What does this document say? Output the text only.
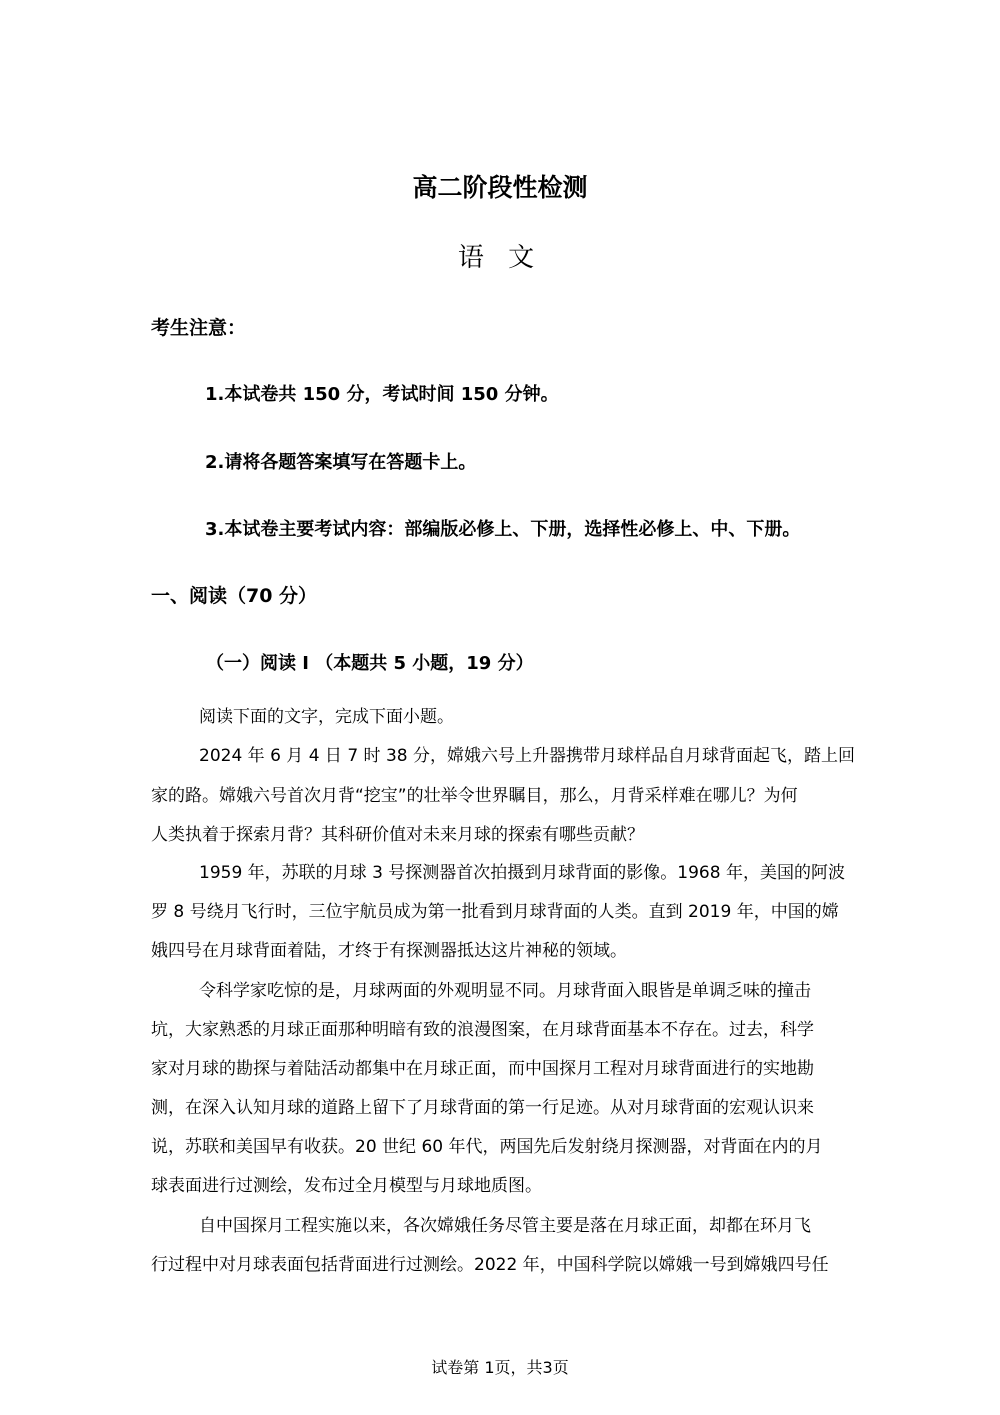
高二阶段性检测
语 文
考生注意：
1.本试卷共 150 分，考试时间 150 分钟。
2.请将各题答案填写在答题卡上。
3.本试卷主要考试内容：部编版必修上、下册，选择性必修上、中、下册。
一、阅读（70 分）
（一）阅读 I （本题共 5 小题，19 分）
阅读下面的文字，完成下面小题。
2024 年 6 月 4 日 7 时 38 分，嫦娥六号上升器携带月球样品自月球背面起飞，踏上回
家的路。嫦娥六号首次月背“挖宝”的壮举令世界瞩目，那么，月背采样难在哪儿？为何
人类执着于探索月背？其科研价值对未来月球的探索有哪些贡献？
1959 年，苏联的月球 3 号探测器首次拍摄到月球背面的影像。1968 年，美国的阿波
罗 8 号绕月飞行时，三位宇航员成为第一批看到月球背面的人类。直到 2019 年，中国的嫦
娥四号在月球背面着陆，才终于有探测器抵达这片神秘的领域。
令科学家吃惊的是，月球两面的外观明显不同。月球背面入眼皆是单调乏味的撞击
坑，大家熟悉的月球正面那种明暗有致的浪漫图案，在月球背面基本不存在。过去，科学
家对月球的勘探与着陆活动都集中在月球正面，而中国探月工程对月球背面进行的实地勘
测，在深入认知月球的道路上留下了月球背面的第一行足迹。从对月球背面的宏观认识来
说，苏联和美国早有收获。20 世纪 60 年代，两国先后发射绕月探测器，对背面在内的月
球表面进行过测绘，发布过全月模型与月球地质图。
自中国探月工程实施以来，各次嫦娥任务尽管主要是落在月球正面，却都在环月飞
行过程中对月球表面包括背面进行过测绘。2022 年，中国科学院以嫦娥一号到嫦娥四号任
试卷第 1页，共3页
